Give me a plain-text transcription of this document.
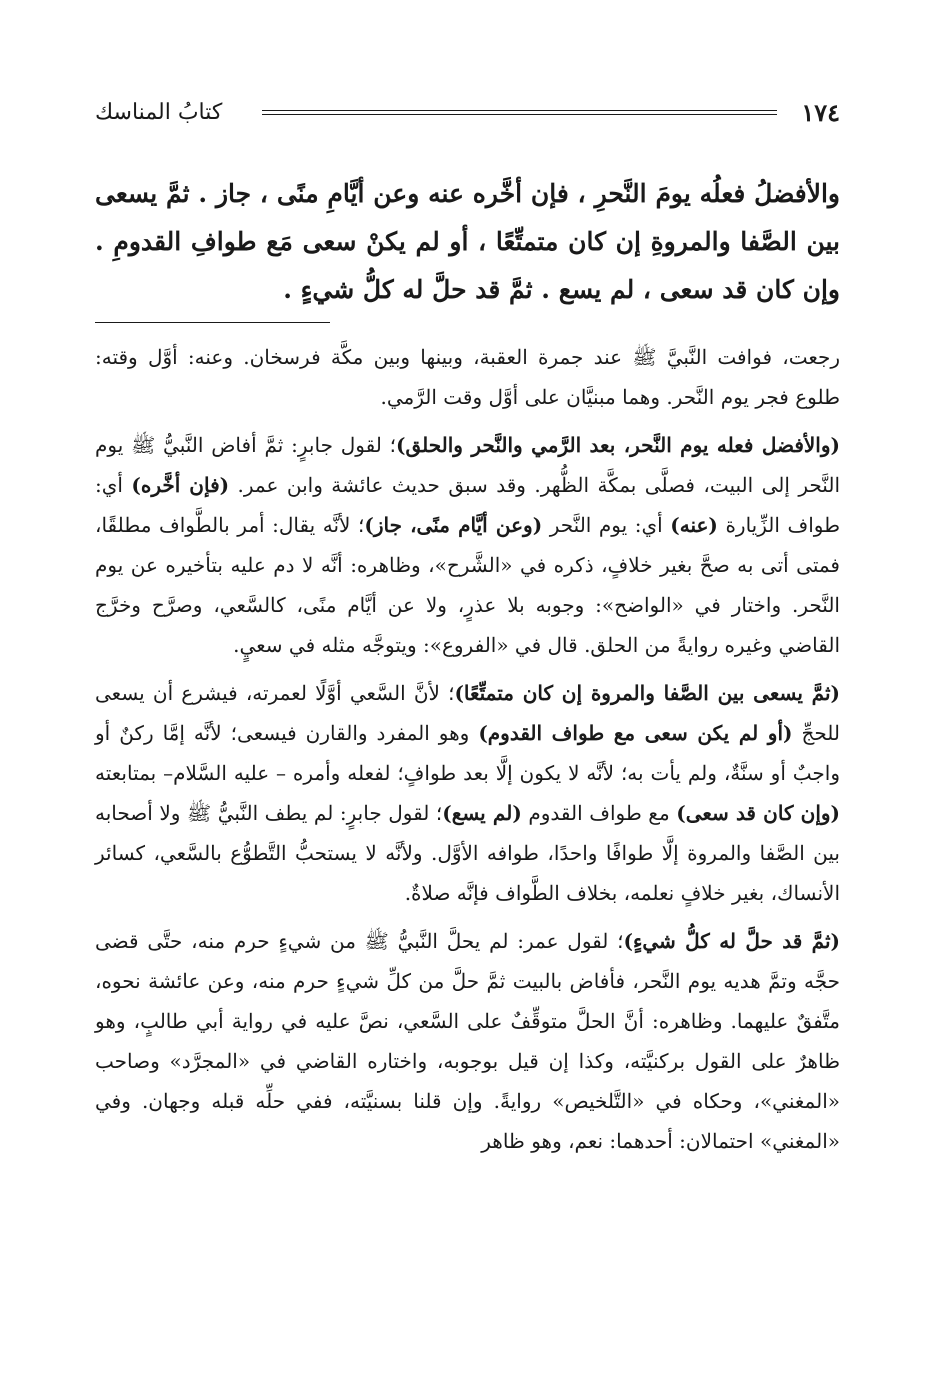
١٧٤
كتابُ المناسك
والأفضلُ فعلُه يومَ النَّحرِ ، فإن أخَّره عنه وعن أيَّامِ منًى ، جاز . ثمَّ يسعى بين الصَّفا والمروةِ إن كان متمتِّعًا ، أو لم يكنْ سعى مَع طوافِ القدومِ . وإن كان قد سعى ، لم يسع . ثمَّ قد حلَّ له كلُّ شيءٍ .

رجعت، فوافت النَّبيَّ ﷺ عند جمرة العقبة، وبينها وبين مكَّة فرسخان. وعنه: أوَّل وقته: طلوع فجر يوم النَّحر. وهما مبنيَّان على أوَّل وقت الرَّمي.

(والأفضل فعله يوم النَّحر، بعد الرَّمي والنَّحر والحلق)؛ لقول جابرٍ: ثمَّ أفاض النَّبيُّ ﷺ يوم النَّحر إلى البيت، فصلَّى بمكَّة الظُّهر. وقد سبق حديث عائشة وابن عمر. (فإن أخَّره) أي: طواف الزِّيارة (عنه) أي: يوم النَّحر (وعن أيَّام منًى، جاز)؛ لأنَّه يقال: أمر بالطَّواف مطلقًا، فمتى أتى به صحَّ بغير خلافٍ، ذكره في «الشَّرح»، وظاهره: أنَّه لا دم عليه بتأخيره عن يوم النَّحر. واختار في «الواضح»: وجوبه بلا عذرٍ، ولا عن أيَّام منًى، كالسَّعي، وصرَّح وخرَّج القاضي وغيره روايةً من الحلق. قال في «الفروع»: ويتوجَّه مثله في سعيٍ.

(ثمَّ يسعى بين الصَّفا والمروة إن كان متمتِّعًا)؛ لأنَّ السَّعي أوَّلًا لعمرته، فيشرع أن يسعى للحجِّ (أو لم يكن سعى مع طواف القدوم) وهو المفرد والقارن فيسعى؛ لأنَّه إمَّا ركنٌ أو واجبٌ أو سنَّةٌ، ولم يأت به؛ لأنَّه لا يكون إلَّا بعد طوافٍ؛ لفعله وأمره – عليه السَّلام– بمتابعته (وإن كان قد سعى) مع طواف القدوم (لم يسع)؛ لقول جابرٍ: لم يطف النَّبيُّ ﷺ ولا أصحابه بين الصَّفا والمروة إلَّا طوافًا واحدًا، طوافه الأوَّل. ولأنَّه لا يستحبُّ التَّطوُّع بالسَّعي، كسائر الأنساك، بغير خلافٍ نعلمه، بخلاف الطَّواف فإنَّه صلاةٌ.

(ثمَّ قد حلَّ له كلُّ شيءٍ)؛ لقول عمر: لم يحلَّ النَّبيُّ ﷺ من شيءٍ حرم منه، حتَّى قضى حجَّه وتمَّ هديه يوم النَّحر، فأفاض بالبيت ثمَّ حلَّ من كلِّ شيءٍ حرم منه، وعن عائشة نحوه، متَّفقٌ عليهما. وظاهره: أنَّ الحلَّ متوقِّفٌ على السَّعي، نصَّ عليه في رواية أبي طالبٍ، وهو ظاهرٌ على القول بركنيَّته، وكذا إن قيل بوجوبه، واختاره القاضي في «المجرَّد» وصاحب «المغني»، وحكاه في «التَّلخيص» روايةً. وإن قلنا بسنيَّته، ففي حلِّه قبله وجهان. وفي «المغني» احتمالان: أحدهما: نعم، وهو ظاهر
